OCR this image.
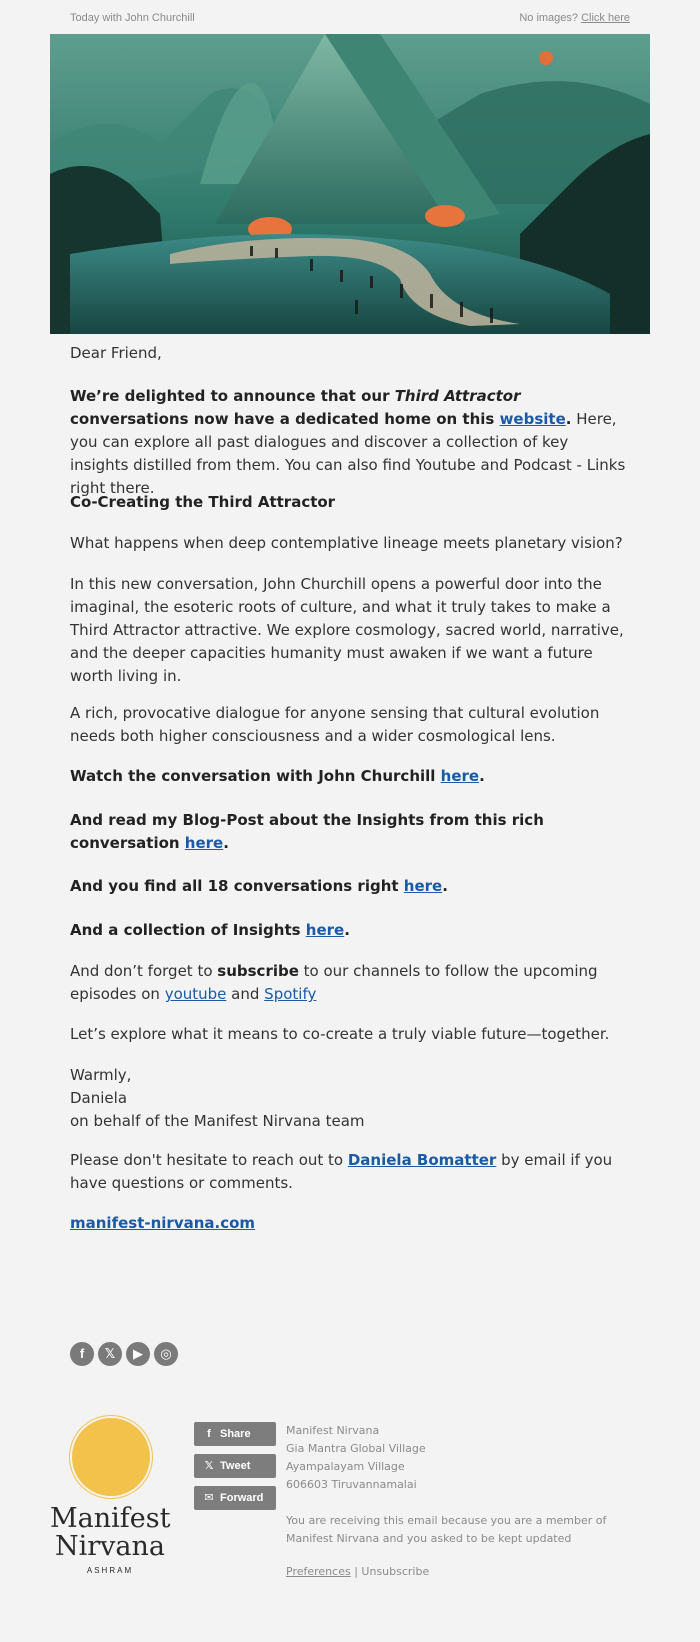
Today with John Churchill	No images? Click here
Dear Friend,
We’re delighted to announce that our Third Attractor conversations now have a dedicated home on this website. Here, you can explore all past dialogues and discover a collection of key insights distilled from them. You can also find Youtube and Podcast - Links right there.
Co-Creating the Third Attractor
What happens when deep contemplative lineage meets planetary vision?
In this new conversation, John Churchill opens a powerful door into the imaginal, the esoteric roots of culture, and what it truly takes to make a Third Attractor attractive. We explore cosmology, sacred world, narrative, and the deeper capacities humanity must awaken if we want a future worth living in.
A rich, provocative dialogue for anyone sensing that cultural evolution needs both higher consciousness and a wider cosmological lens.
Watch the conversation with John Churchill here.
And read my Blog-Post about the Insights from this rich conversation here.
And you find all 18 conversations right here.
And a collection of Insights here.
And don’t forget to subscribe to our channels to follow the upcoming episodes on youtube and Spotify
Let’s explore what it means to co-create a truly viable future—together.
Warmly,
Daniela
on behalf of the Manifest Nirvana team
Please don't hesitate to reach out to Daniela Bomatter by email if you have questions or comments.
manifest-nirvana.com
f 𝕏 ▶ ◎
Manifest
Nirvana
ASHRAM
f Share
𝕏 Tweet
✉ Forward
Manifest Nirvana
Gia Mantra Global Village
Ayampalayam Village
606603 Tiruvannamalai
You are receiving this email because you are a member of Manifest Nirvana and you asked to be kept updated
Preferences | Unsubscribe
